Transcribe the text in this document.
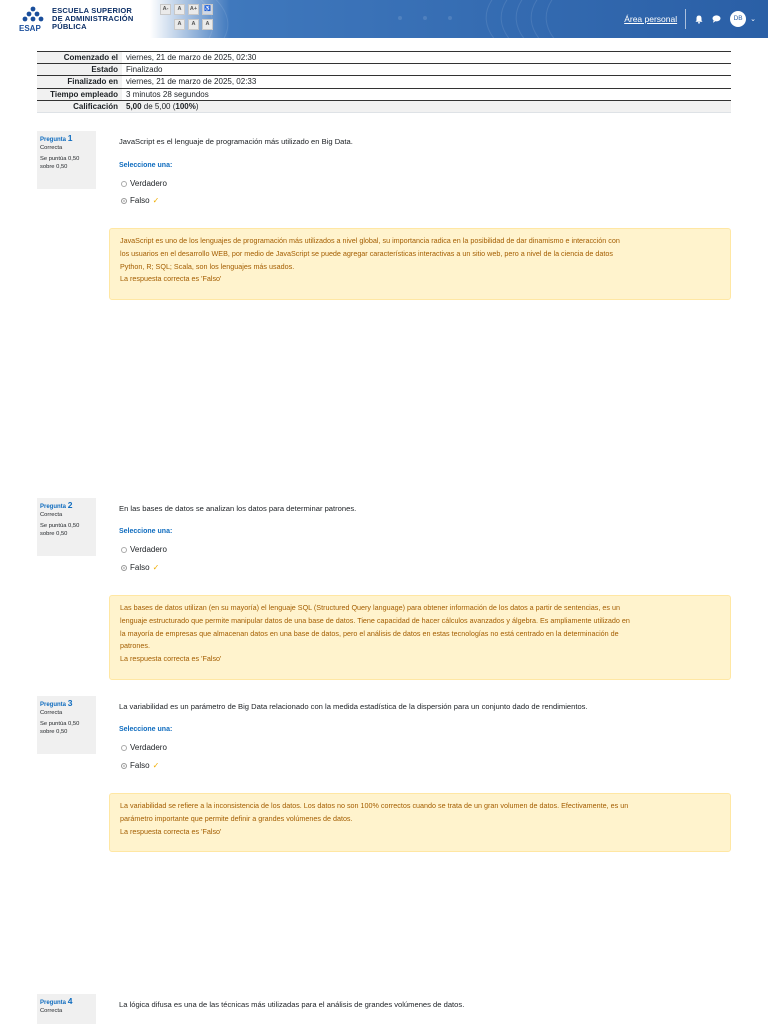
ESAP
ESCUELA SUPERIOR
DE ADMINISTRACIÓN
PÚBLICA
A-	A	A+	♿
A	A	A	Área personal	DB	⌄
Comenzado el	viernes, 21 de marzo de 2025, 02:30
Estado	Finalizado
Finalizado en	viernes, 21 de marzo de 2025, 02:33
Tiempo empleado	3 minutos 28 segundos
Calificación	5,00 de 5,00 (100%)
Pregunta 1
Correcta
Se puntúa 0,50
sobre 0,50
JavaScript es el lenguaje de programación más utilizado en Big Data.
Seleccione una:
Verdadero
Falso ✓
JavaScript es uno de los lenguajes de programación más utilizados a nivel global, su importancia radica en la posibilidad de dar dinamismo e interacción con
los usuarios en el desarrollo WEB, por medio de JavaScript se puede agregar características interactivas a un sitio web, pero a nivel de la ciencia de datos
Python, R; SQL; Scala, son los lenguajes más usados.
La respuesta correcta es 'Falso'
Pregunta 2
Correcta
Se puntúa 0,50
sobre 0,50
En las bases de datos se analizan los datos para determinar patrones.
Seleccione una:
Verdadero
Falso ✓
Las bases de datos utilizan (en su mayoría) el lenguaje SQL (Structured Query language) para obtener información de los datos a partir de sentencias, es un
lenguaje estructurado que permite manipular datos de una base de datos. Tiene capacidad de hacer cálculos avanzados y álgebra. Es ampliamente utilizado en
la mayoría de empresas que almacenan datos en una base de datos, pero el análisis de datos en estas tecnologías no está centrado en la determinación de
patrones.
La respuesta correcta es 'Falso'
Pregunta 3
Correcta
Se puntúa 0,50
sobre 0,50
La variabilidad es un parámetro de Big Data relacionado con la medida estadística de la dispersión para un conjunto dado de rendimientos.
Seleccione una:
Verdadero
Falso ✓
La variabilidad se refiere a la inconsistencia de los datos. Los datos no son 100% correctos cuando se trata de un gran volumen de datos. Efectivamente, es un
parámetro importante que permite definir a grandes volúmenes de datos.
La respuesta correcta es 'Falso'
Pregunta 4
Correcta
La lógica difusa es una de las técnicas más utilizadas para el análisis de grandes volúmenes de datos.
